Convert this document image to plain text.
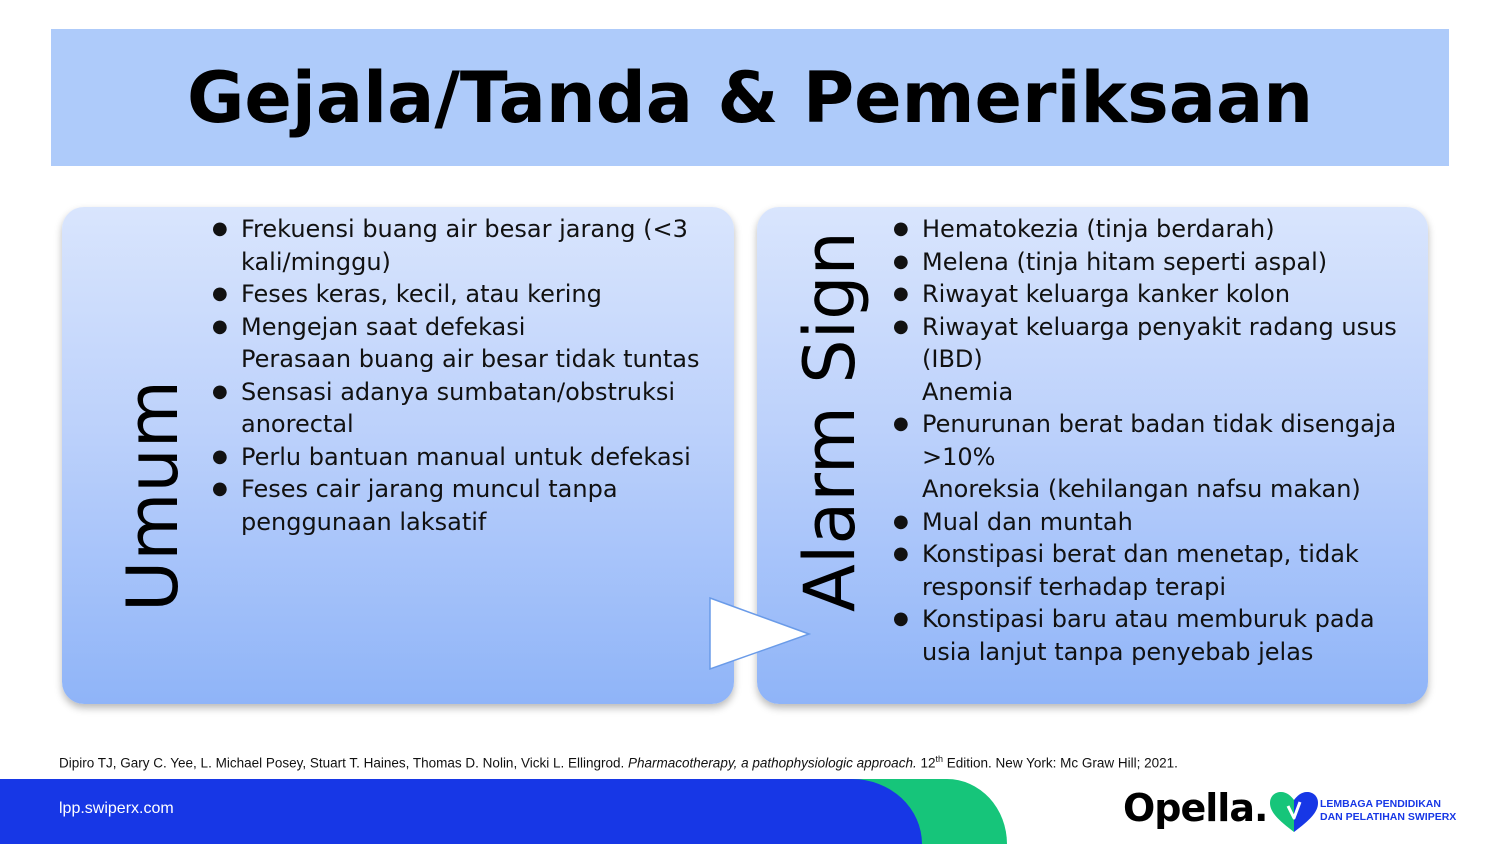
Gejala/Tanda & Pemeriksaan
Umum
● Frekuensi buang air besar jarang (<3 kali/minggu)
● Feses keras, kecil, atau kering
● Mengejan saat defekasi
Perasaan buang air besar tidak tuntas
● Sensasi adanya sumbatan/obstruksi anorectal
● Perlu bantuan manual untuk defekasi
● Feses cair jarang muncul tanpa penggunaan laksatif	Alarm Sign
● Hematokezia (tinja berdarah)
● Melena (tinja hitam seperti aspal)
● Riwayat keluarga kanker kolon
● Riwayat keluarga penyakit radang usus (IBD)
Anemia
● Penurunan berat badan tidak disengaja >10%
Anoreksia (kehilangan nafsu makan)
● Mual dan muntah
● Konstipasi berat dan menetap, tidak responsif terhadap terapi
● Konstipasi baru atau memburuk pada usia lanjut tanpa penyebab jelas
Dipiro TJ, Gary C. Yee, L. Michael Posey, Stuart T. Haines, Thomas D. Nolin, Vicki L. Ellingrod. Pharmacotherapy, a pathophysiologic approach. 12th Edition. New York: Mc Graw Hill; 2021.
lpp.swiperx.com	Opella.	LEMBAGA PENDIDIKAN
DAN PELATIHAN SWIPERX
